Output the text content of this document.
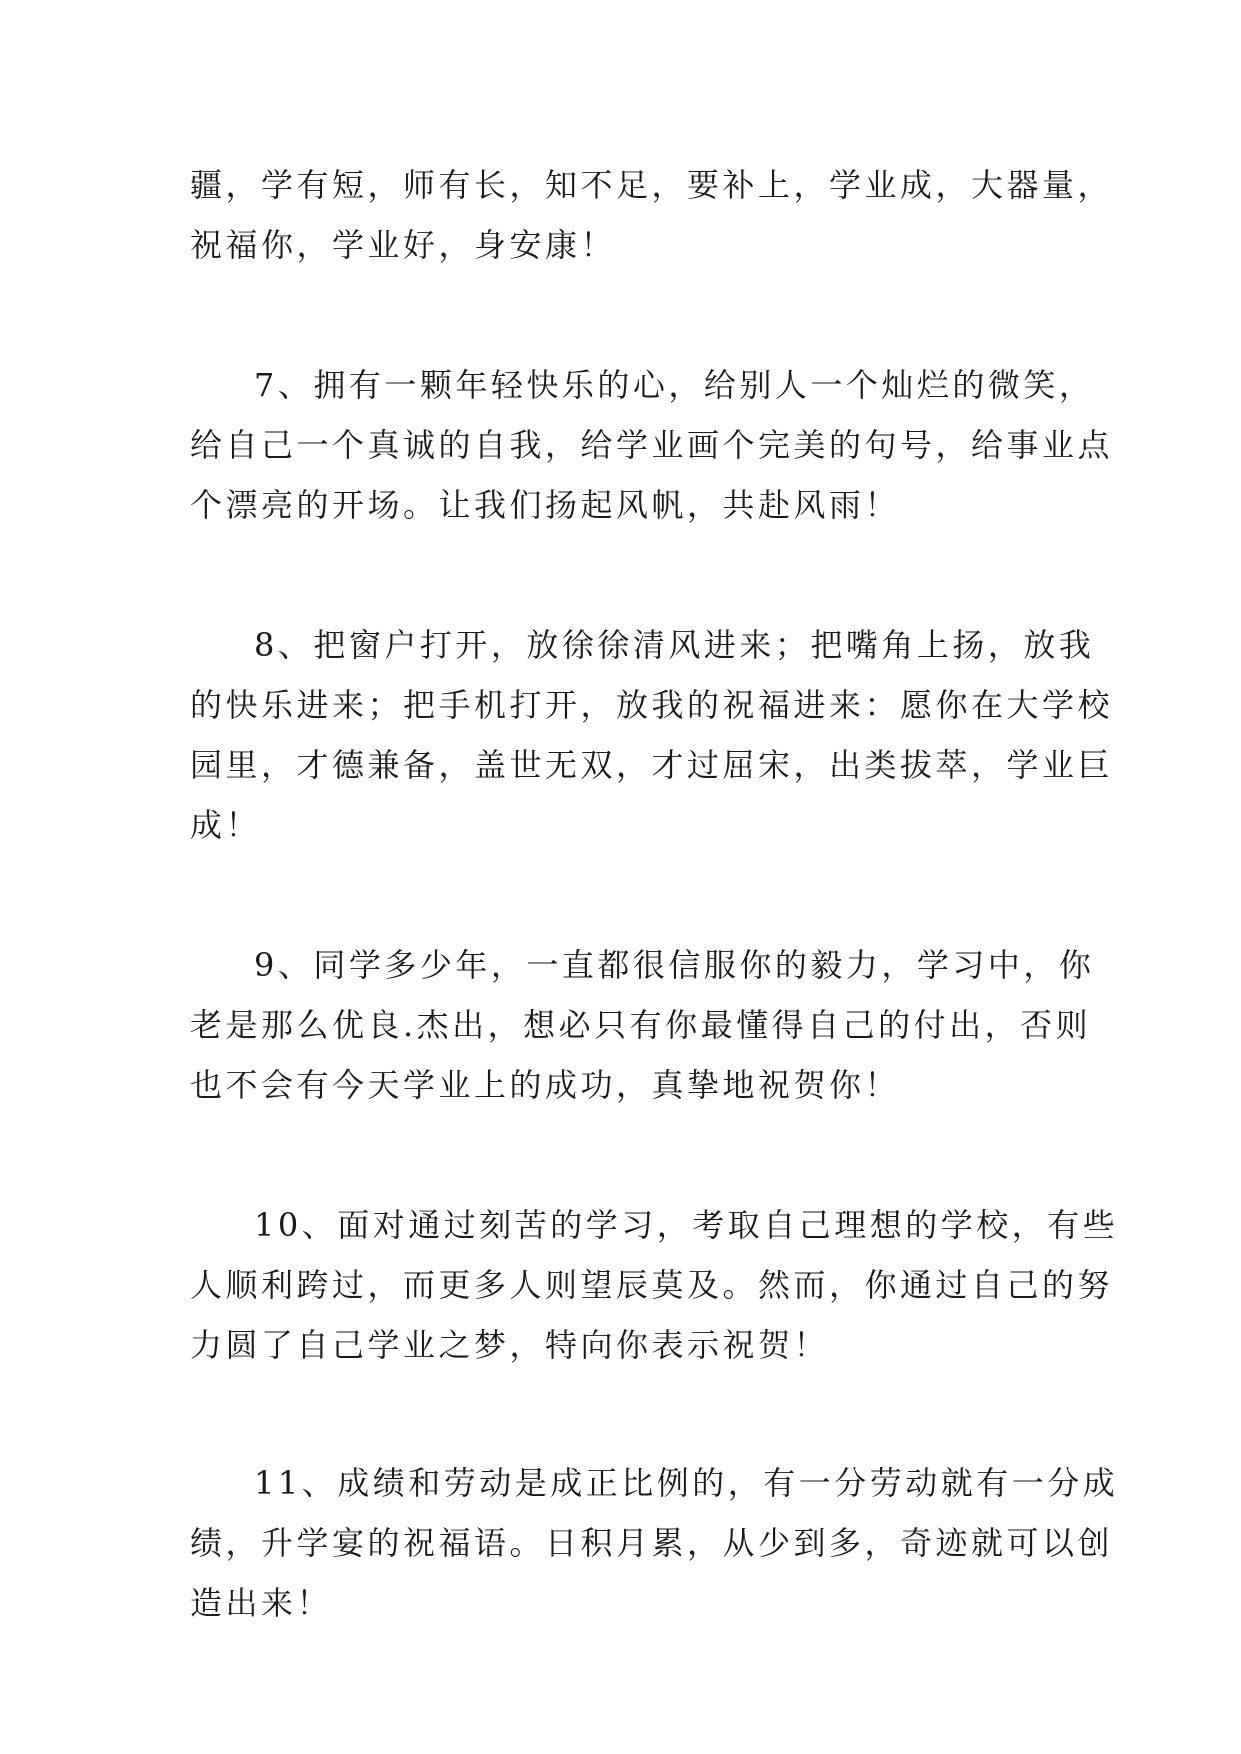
疆，学有短，师有长，知不足，要补上，学业成，大器量，
祝福你，学业好，身安康！
7、拥有一颗年轻快乐的心，给别人一个灿烂的微笑，
给自己一个真诚的自我，给学业画个完美的句号，给事业点
个漂亮的开场。让我们扬起风帆，共赴风雨！
8、把窗户打开，放徐徐清风进来；把嘴角上扬，放我
的快乐进来；把手机打开，放我的祝福进来：愿你在大学校
园里，才德兼备，盖世无双，才过屈宋，出类拔萃，学业巨
成！
9、同学多少年，一直都很信服你的毅力，学习中，你
老是那么优良.杰出，想必只有你最懂得自己的付出，否则
也不会有今天学业上的成功，真挚地祝贺你！
10、面对通过刻苦的学习，考取自己理想的学校，有些
人顺利跨过，而更多人则望辰莫及。然而，你通过自己的努
力圆了自己学业之梦，特向你表示祝贺！
11、成绩和劳动是成正比例的，有一分劳动就有一分成
绩，升学宴的祝福语。日积月累，从少到多，奇迹就可以创
造出来！
